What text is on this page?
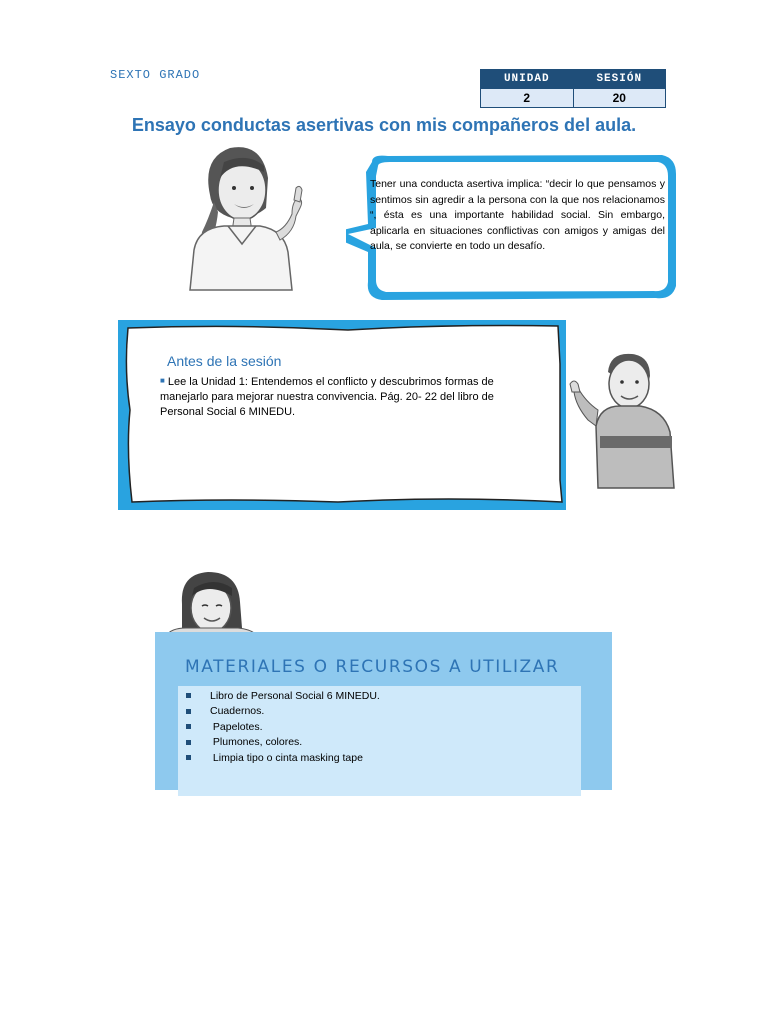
SEXTO GRADO	UNIDAD	SESIÓN
2	20
Ensayo conductas asertivas con mis compañeros del aula.
Tener una conducta asertiva implica: “decir lo que pensamos y sentimos sin agredir a la persona con la que nos relacionamos “, ésta es una importante habilidad social. Sin embargo, aplicarla en situaciones conflictivas con amigos y amigas del aula, se convierte en todo un desafío.
Antes de la sesión
■ Lee la Unidad 1: Entendemos el conflicto y descubrimos formas de manejarlo para mejorar nuestra convivencia. Pág. 20- 22 del libro de Personal Social 6 MINEDU.
MATERIALES O RECURSOS A UTILIZAR
Libro de Personal Social 6 MINEDU.
Cuadernos.
Papelotes.
Plumones, colores.
Limpia tipo o cinta masking tape
